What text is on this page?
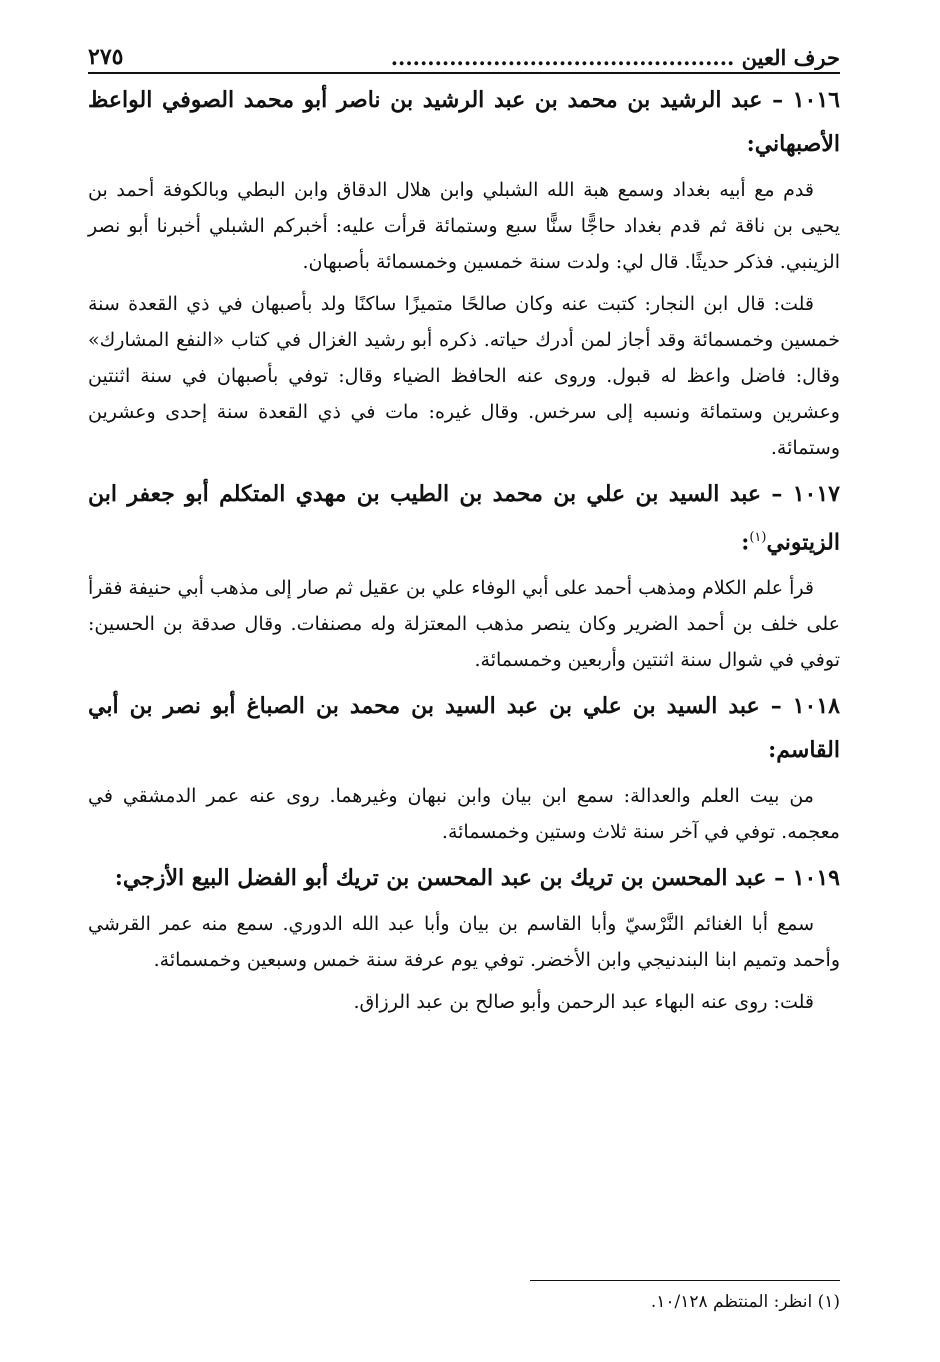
حرف العين ...............................................
٢٧٥
١٠١٦ – عبد الرشيد بن محمد بن عبد الرشيد بن ناصر أبو محمد الصوفي الواعظ الأصبهاني:

قدم مع أبيه بغداد وسمع هبة الله الشبلي وابن هلال الدقاق وابن البطي وبالكوفة أحمد بن يحيى بن ناقة ثم قدم بغداد حاجًّا سنًّا سبع وستمائة قرأت عليه: أخبركم الشبلي أخبرنا أبو نصر الزينبي. فذكر حديثًا. قال لي: ولدت سنة خمسين وخمسمائة بأصبهان.

قلت: قال ابن النجار: كتبت عنه وكان صالحًا متميزًا ساكنًا ولد بأصبهان في ذي القعدة سنة خمسين وخمسمائة وقد أجاز لمن أدرك حياته. ذكره أبو رشيد الغزال في كتاب «النفع المشارك» وقال: فاضل واعظ له قبول. وروى عنه الحافظ الضياء وقال: توفي بأصبهان في سنة اثنتين وعشرين وستمائة ونسبه إلى سرخس. وقال غيره: مات في ذي القعدة سنة إحدى وعشرين وستمائة.

١٠١٧ – عبد السيد بن علي بن محمد بن الطيب بن مهدي المتكلم أبو جعفر ابن الزيتوني$^{(١)}$:

قرأ علم الكلام ومذهب أحمد على أبي الوفاء علي بن عقيل ثم صار إلى مذهب أبي حنيفة فقرأ على خلف بن أحمد الضرير وكان ينصر مذهب المعتزلة وله مصنفات. وقال صدقة بن الحسين: توفي في شوال سنة اثنتين وأربعين وخمسمائة.

١٠١٨ – عبد السيد بن علي بن عبد السيد بن محمد بن الصباغ أبو نصر بن أبي القاسم:

من بيت العلم والعدالة: سمع ابن بيان وابن نبهان وغيرهما. روى عنه عمر الدمشقي في معجمه. توفي في آخر سنة ثلاث وستين وخمسمائة.

١٠١٩ – عبد المحسن بن تريك بن عبد المحسن بن تريك أبو الفضل البيع الأزجي:

سمع أبا الغنائم النَّرْسيّ وأبا القاسم بن بيان وأبا عبد الله الدوري. سمع منه عمر القرشي وأحمد وتميم ابنا البندنيجي وابن الأخضر. توفي يوم عرفة سنة خمس وسبعين وخمسمائة.

قلت: روى عنه البهاء عبد الرحمن وأبو صالح بن عبد الرزاق.

(١) انظر: المنتظم ١٠/١٢٨.
